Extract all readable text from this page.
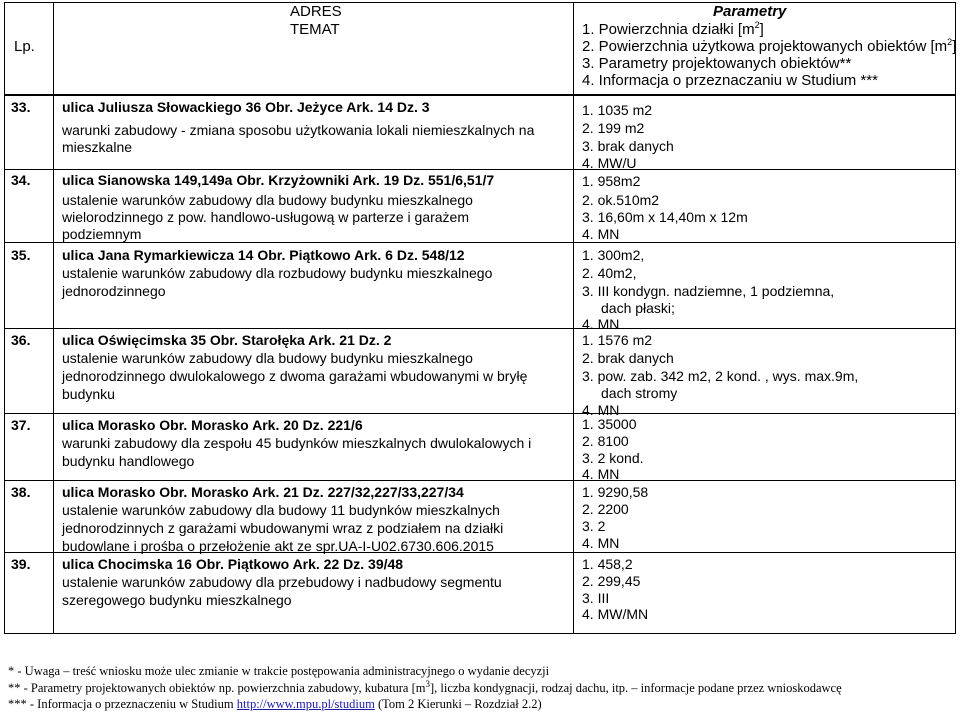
Lp.
ADRES
TEMAT
Parametry
1. Powierzchnia działki $[m^2]$
2. Powierzchnia użytkowa projektowanych obiektów $[m^2]$
3. Parametry projektowanych obiektów**
4. Informacja o przeznaczaniu w Studium ***
33. ulica Juliusza Słowackiego 36 Obr. Jeżyce Ark. 14 Dz. 3
warunki zabudowy - zmiana sposobu użytkowania lokali niemieszkalnych na
mieszkalne
1. 1035 m2
2. 199 m2
3. brak danych
4. MW/U
34. ulica Sianowska 149,149a Obr. Krzyżowniki Ark. 19 Dz. 551/6,51/7
ustalenie warunków zabudowy dla budowy budynku mieszkalnego
wielorodzinnego z pow. handlowo-usługową w parterze i garażem
podziemnym
1. 958m2
2. ok.510m2
3. 16,60m x 14,40m x 12m
4. MN
35. ulica Jana Rymarkiewicza 14 Obr. Piątkowo Ark. 6 Dz. 548/12
ustalenie warunków zabudowy dla rozbudowy budynku mieszkalnego
jednorodzinnego
1. 300m2,
2. 40m2,
3. III kondygn. nadziemne, 1 podziemna,
dach płaski;
4. MN
36. ulica Oświęcimska 35 Obr. Starołęka Ark. 21 Dz. 2
ustalenie warunków zabudowy dla budowy budynku mieszkalnego
jednorodzinnego dwulokalowego z dwoma garażami wbudowanymi w bryłę
budynku
1. 1576 m2
2. brak danych
3. pow. zab. 342 m2, 2 kond. , wys. max.9m,
dach stromy
4. MN
37. ulica Morasko Obr. Morasko Ark. 20 Dz. 221/6
warunki zabudowy dla zespołu 45 budynków mieszkalnych dwulokalowych i
budynku handlowego
1. 35000
2. 8100
3. 2 kond.
4. MN
38. ulica Morasko Obr. Morasko Ark. 21 Dz. 227/32,227/33,227/34
ustalenie warunków zabudowy dla budowy 11 budynków mieszkalnych
jednorodzinnych z garażami wbudowanymi wraz z podziałem na działki
budowlane i prośba o przełożenie akt ze spr.UA-I-U02.6730.606.2015
1. 9290,58
2. 2200
3. 2
4. MN
39. ulica Chocimska 16 Obr. Piątkowo Ark. 22 Dz. 39/48
ustalenie warunków zabudowy dla przebudowy i nadbudowy segmentu
szeregowego budynku mieszkalnego
1. 458,2
2. 299,45
3. III
4. MW/MN
* - Uwaga – treść wniosku może ulec zmianie w trakcie postępowania administracyjnego o wydanie decyzji
** - Parametry projektowanych obiektów np. powierzchnia zabudowy, kubatura $[m^3]$, liczba kondygnacji, rodzaj dachu, itp. – informacje podane przez wnioskodawcę
*** - Informacja o przeznaczeniu w Studium http://www.mpu.pl/studium (Tom 2 Kierunki – Rozdział 2.2)
